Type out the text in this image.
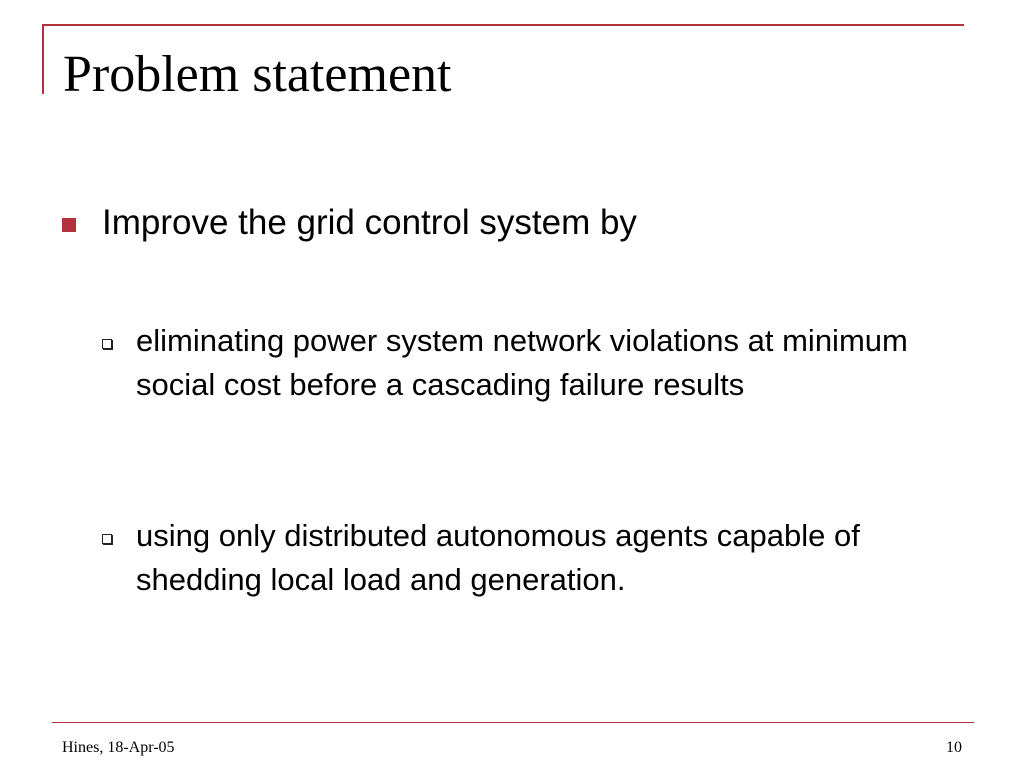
Problem statement
Improve the grid control system by
eliminating power system network violations at minimum social cost before a cascading failure results
using only distributed autonomous agents capable of shedding local load and generation.
Hines, 18-Apr-05	10
